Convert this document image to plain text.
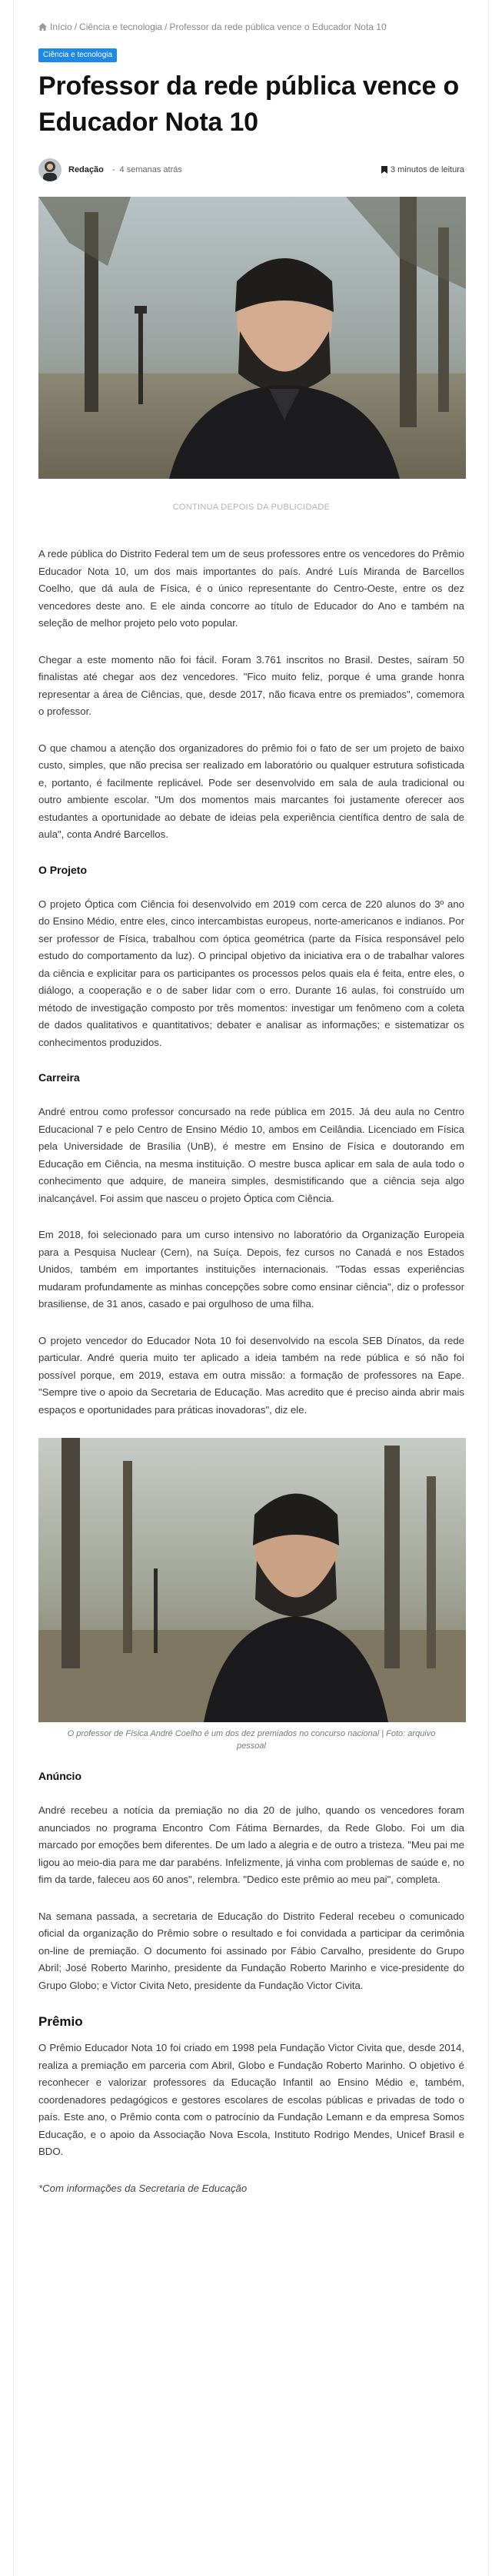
Início / Ciência e tecnologia / Professor da rede pública vence o Educador Nota 10
Ciência e tecnologia
Professor da rede pública vence o Educador Nota 10
Redação - 4 semanas atrás	3 minutos de leitura
CONTINUA DEPOIS DA PUBLICIDADE

A rede pública do Distrito Federal tem um de seus professores entre os vencedores do Prêmio Educador Nota 10, um dos mais importantes do país. André Luís Miranda de Barcellos Coelho, que dá aula de Física, é o único representante do Centro-Oeste, entre os dez vencedores deste ano. E ele ainda concorre ao título de Educador do Ano e também na seleção de melhor projeto pelo voto popular.

Chegar a este momento não foi fácil. Foram 3.761 inscritos no Brasil. Destes, saíram 50 finalistas até chegar aos dez vencedores. "Fico muito feliz, porque é uma grande honra representar a área de Ciências, que, desde 2017, não ficava entre os premiados", comemora o professor.

O que chamou a atenção dos organizadores do prêmio foi o fato de ser um projeto de baixo custo, simples, que não precisa ser realizado em laboratório ou qualquer estrutura sofisticada e, portanto, é facilmente replicável. Pode ser desenvolvido em sala de aula tradicional ou outro ambiente escolar. "Um dos momentos mais marcantes foi justamente oferecer aos estudantes a oportunidade ao debate de ideias pela experiência científica dentro de sala de aula", conta André Barcellos.

O Projeto

O projeto Óptica com Ciência foi desenvolvido em 2019 com cerca de 220 alunos do 3º ano do Ensino Médio, entre eles, cinco intercambistas europeus, norte-americanos e indianos. Por ser professor de Física, trabalhou com óptica geométrica (parte da Física responsável pelo estudo do comportamento da luz). O principal objetivo da iniciativa era o de trabalhar valores da ciência e explicitar para os participantes os processos pelos quais ela é feita, entre eles, o diálogo, a cooperação e o de saber lidar com o erro. Durante 16 aulas, foi construído um método de investigação composto por três momentos: investigar um fenômeno com a coleta de dados qualitativos e quantitativos; debater e analisar as informações; e sistematizar os conhecimentos produzidos.

Carreira

André entrou como professor concursado na rede pública em 2015. Já deu aula no Centro Educacional 7 e pelo Centro de Ensino Médio 10, ambos em Ceilândia. Licenciado em Física pela Universidade de Brasília (UnB), é mestre em Ensino de Física e doutorando em Educação em Ciência, na mesma instituição. O mestre busca aplicar em sala de aula todo o conhecimento que adquire, de maneira simples, desmistificando que a ciência seja algo inalcançável. Foi assim que nasceu o projeto Óptica com Ciência.

Em 2018, foi selecionado para um curso intensivo no laboratório da Organização Europeia para a Pesquisa Nuclear (Cern), na Suíça. Depois, fez cursos no Canadá e nos Estados Unidos, também em importantes instituições internacionais. "Todas essas experiências mudaram profundamente as minhas concepções sobre como ensinar ciência", diz o professor brasiliense, de 31 anos, casado e pai orgulhoso de uma filha.

O projeto vencedor do Educador Nota 10 foi desenvolvido na escola SEB Dínatos, da rede particular. André queria muito ter aplicado a ideia também na rede pública e só não foi possível porque, em 2019, estava em outra missão: a formação de professores na Eape. "Sempre tive o apoio da Secretaria de Educação. Mas acredito que é preciso ainda abrir mais espaços e oportunidades para práticas inovadoras", diz ele.

O professor de Física André Coelho é um dos dez premiados no concurso nacional | Foto: arquivo pessoal
Anúncio

André recebeu a notícia da premiação no dia 20 de julho, quando os vencedores foram anunciados no programa Encontro Com Fátima Bernardes, da Rede Globo. Foi um dia marcado por emoções bem diferentes. De um lado a alegria e de outro a tristeza. "Meu pai me ligou ao meio-dia para me dar parabéns. Infelizmente, já vinha com problemas de saúde e, no fim da tarde, faleceu aos 60 anos", relembra. "Dedico este prêmio ao meu pai", completa.

Na semana passada, a secretaria de Educação do Distrito Federal recebeu o comunicado oficial da organização do Prêmio sobre o resultado e foi convidada a participar da cerimônia on-line de premiação. O documento foi assinado por Fábio Carvalho, presidente do Grupo Abril; José Roberto Marinho, presidente da Fundação Roberto Marinho e vice-presidente do Grupo Globo; e Victor Civita Neto, presidente da Fundação Victor Civita.

Prêmio

O Prêmio Educador Nota 10 foi criado em 1998 pela Fundação Victor Civita que, desde 2014, realiza a premiação em parceria com Abril, Globo e Fundação Roberto Marinho. O objetivo é reconhecer e valorizar professores da Educação Infantil ao Ensino Médio e, também, coordenadores pedagógicos e gestores escolares de escolas públicas e privadas de todo o país. Este ano, o Prêmio conta com o patrocínio da Fundação Lemann e da empresa Somos Educação, e o apoio da Associação Nova Escola, Instituto Rodrigo Mendes, Unicef Brasil e BDO.

*Com informações da Secretaria de Educação
